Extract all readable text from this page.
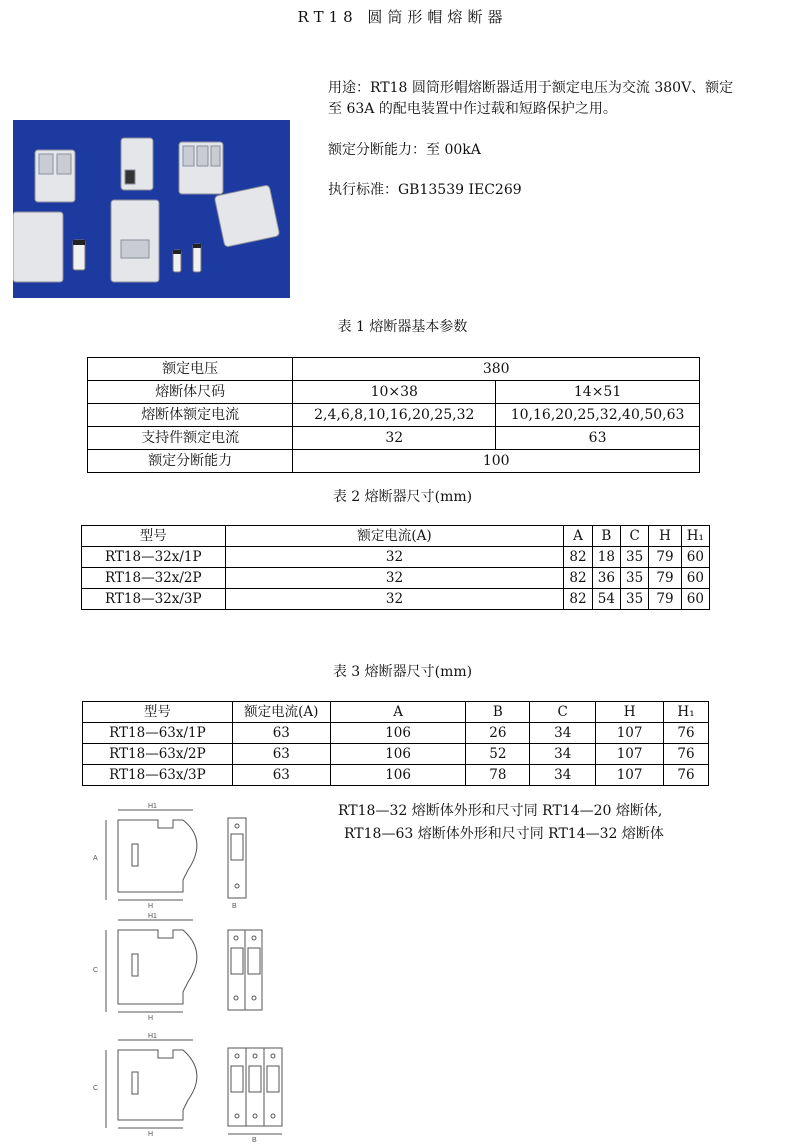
RT18 圆筒形帽熔断器
用途：RT18 圆筒形帽熔断器适用于额定电压为交流 380V、额定
至 63A 的配电装置中作过载和短路保护之用。
额定分断能力：至 00kA
执行标准：GB13539 IEC269
表 1 熔断器基本参数
额定电压	380	
熔断体尺码	10×38	14×51
熔断体额定电流	2,4,6,8,10,16,20,25,32	10,16,20,25,32,40,50,63
支持件额定电流	32	63
额定分断能力	100	
表 2 熔断器尺寸(mm)
型号	额定电流(A)	A	B	C	H	H₁
RT18—32x/1P	32	82	18	35	79	60
RT18—32x/2P	32	82	36	35	79	60
RT18—32x/3P	32	82	54	35	79	60
表 3 熔断器尺寸(mm)
型号	额定电流(A)	A	B	C	H	H₁
RT18—63x/1P	63	106	26	34	107	76
RT18—63x/2P	63	106	52	34	107	76
RT18—63x/3P	63	106	78	34	107	76
RT18—32 熔断体外形和尺寸同 RT14—20 熔断体,
RT18—63 熔断体外形和尺寸同 RT14—32 熔断体
H1
A
H	B
H1
C
H
H1
C
H
B
